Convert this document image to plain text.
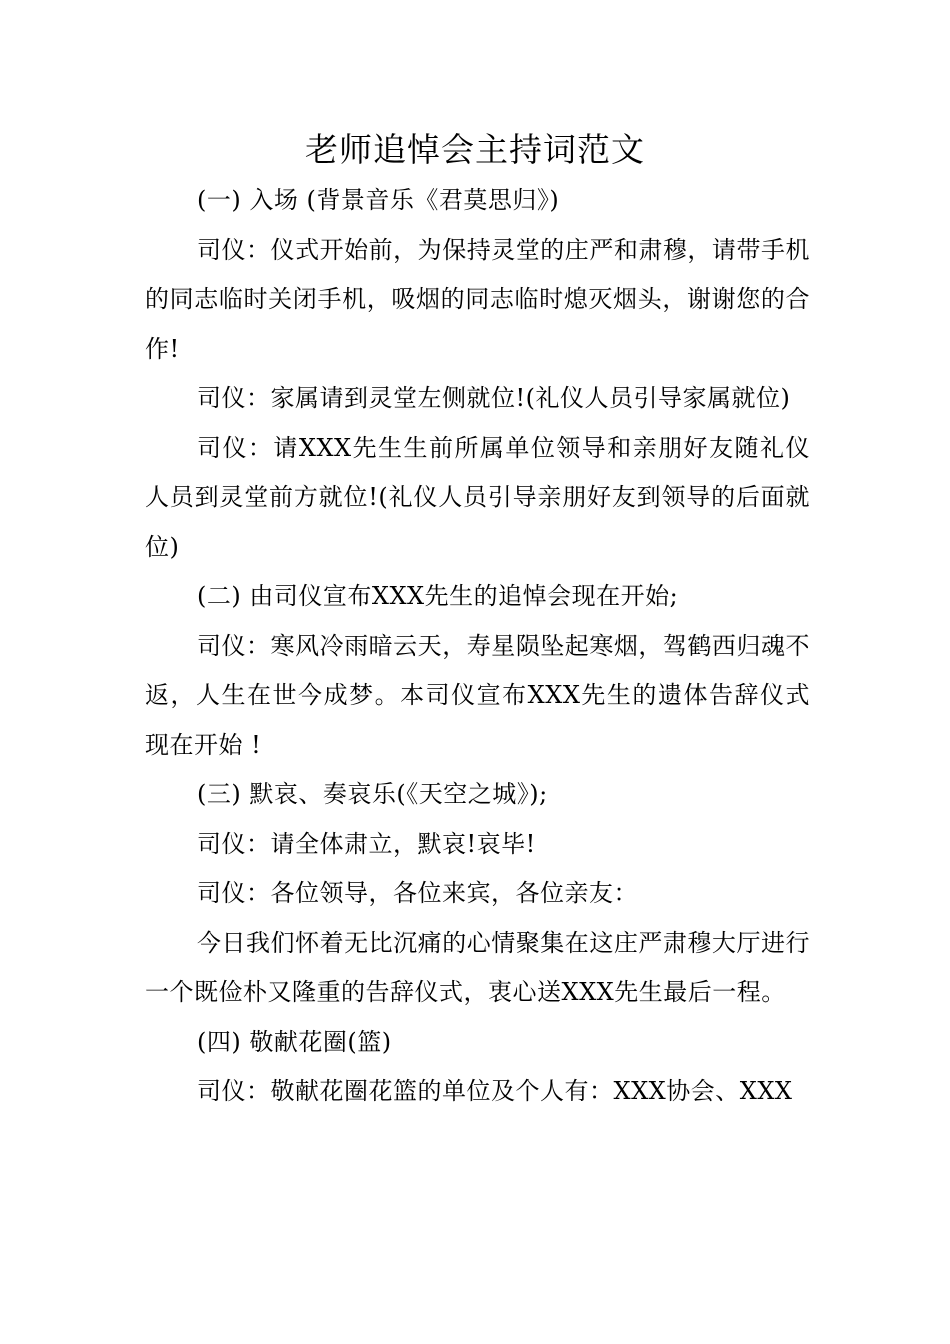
老师追悼会主持词范文

(一) 入场 (背景音乐《君莫思归》)

司仪：仪式开始前，为保持灵堂的庄严和肃穆，请带手机的同志临时关闭手机，吸烟的同志临时熄灭烟头，谢谢您的合作!

司仪：家属请到灵堂左侧就位!(礼仪人员引导家属就位)

司仪：请XXX先生生前所属单位领导和亲朋好友随礼仪人员到灵堂前方就位!(礼仪人员引导亲朋好友到领导的后面就位)

(二) 由司仪宣布XXX先生的追悼会现在开始;

司仪：寒风冷雨暗云天，寿星陨坠起寒烟，驾鹤西归魂不返，人生在世今成梦。本司仪宣布XXX先生的遗体告辞仪式现在开始 !

(三) 默哀、奏哀乐(《天空之城》);

司仪：请全体肃立，默哀!哀毕!

司仪：各位领导，各位来宾，各位亲友：

今日我们怀着无比沉痛的心情聚集在这庄严肃穆大厅进行一个既俭朴又隆重的告辞仪式，衷心送XXX先生最后一程。

(四) 敬献花圈(篮)

司仪：敬献花圈花篮的单位及个人有：XXX协会、XXX
